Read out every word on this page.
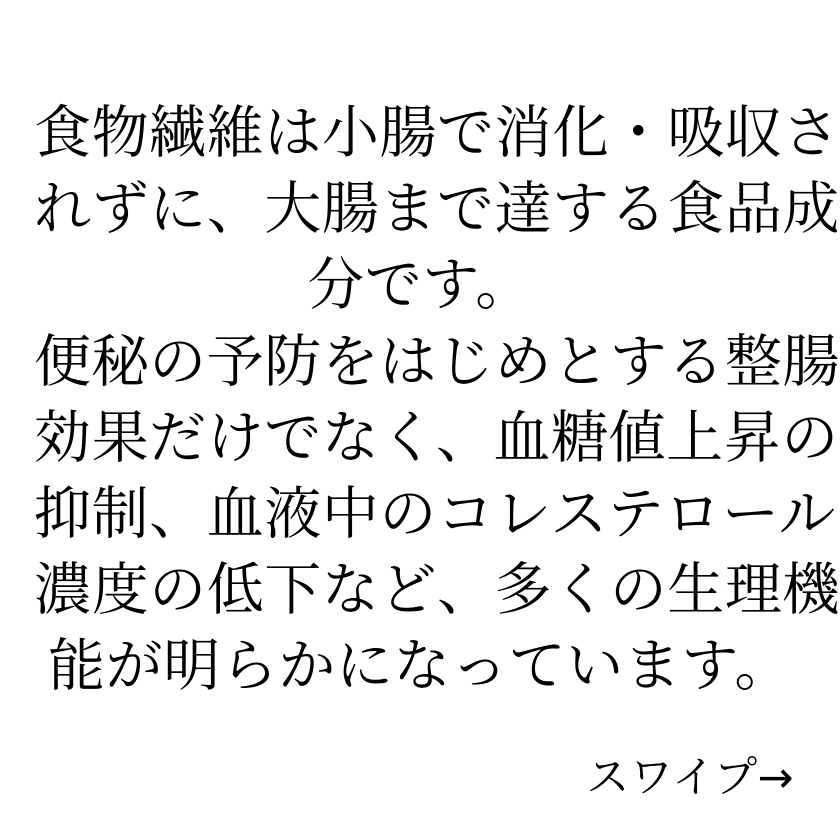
食物繊維は小腸で消化・吸収さ
れずに、大腸まで達する食品成
分です。

便秘の予防をはじめとする整腸
効果だけでなく、血糖値上昇の
抑制、血液中のコレステロール
濃度の低下など、多くの生理機
能が明らかになっています。

スワイプ→
